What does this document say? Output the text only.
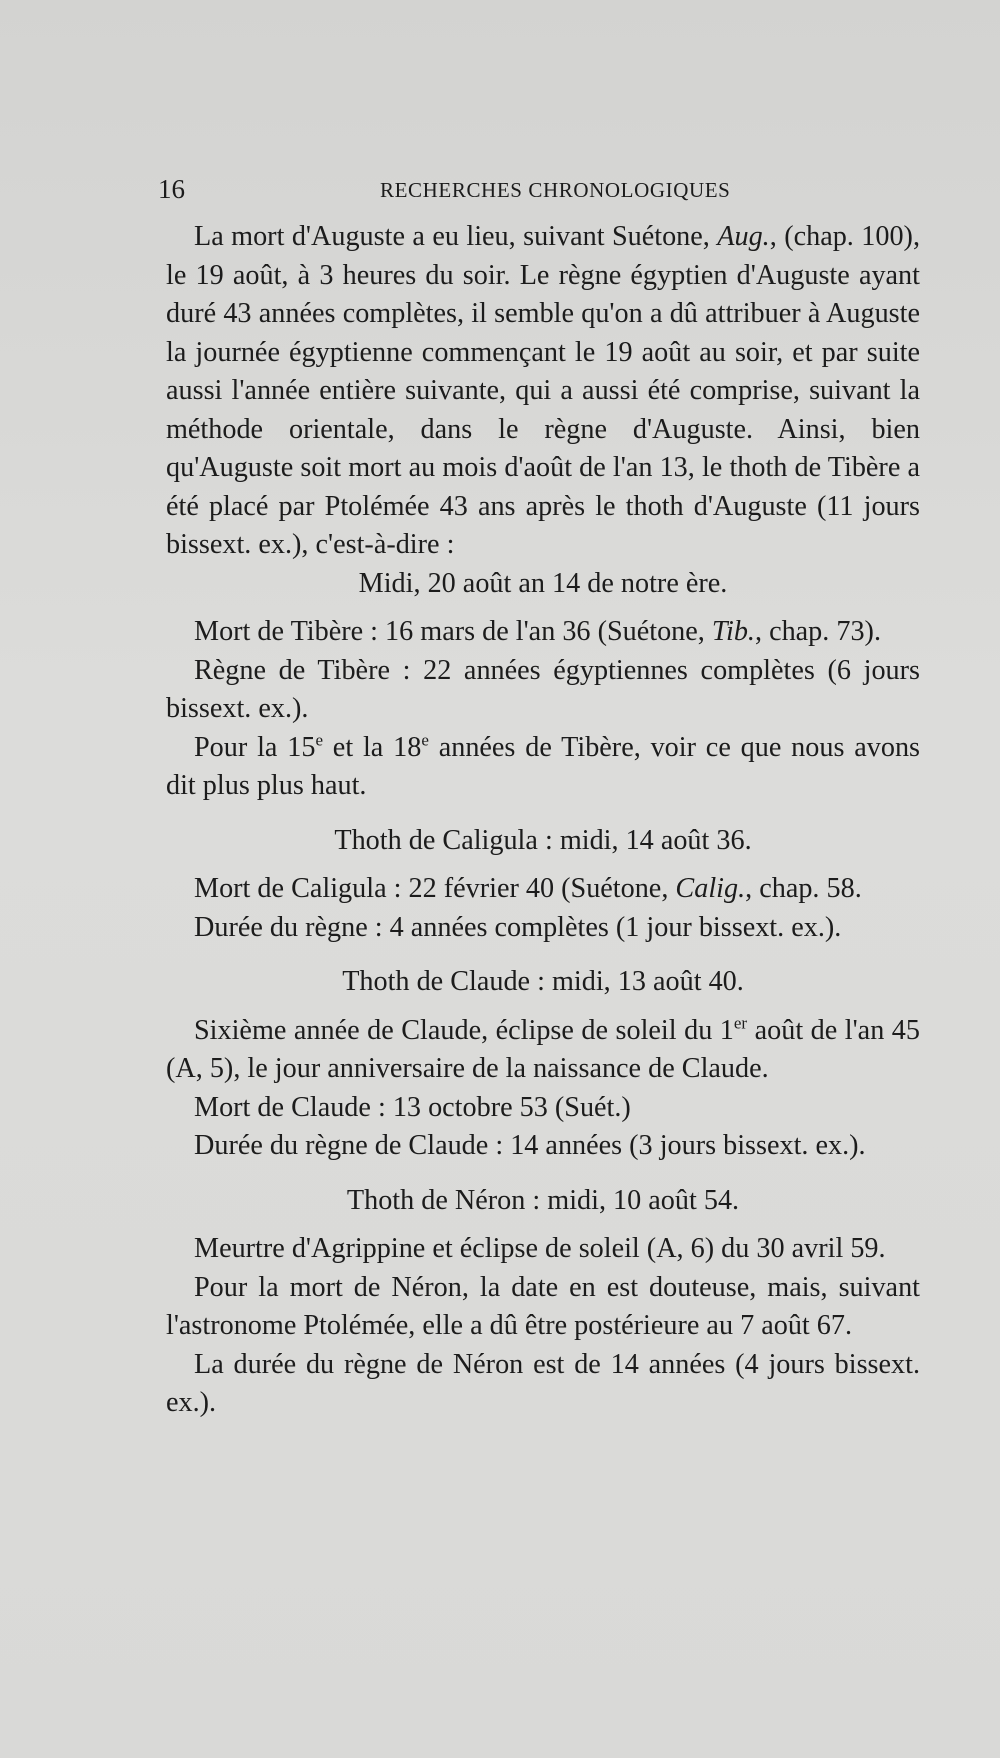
16	RECHERCHES CHRONOLOGIQUES

La mort d'Auguste a eu lieu, suivant Suétone, Aug., (chap. 100), le 19 août, à 3 heures du soir. Le règne égyptien d'Auguste ayant duré 43 années complètes, il semble qu'on a dû attribuer à Auguste la journée égyptienne commençant le 19 août au soir, et par suite aussi l'année entière suivante, qui a aussi été comprise, suivant la méthode orientale, dans le règne d'Auguste. Ainsi, bien qu'Auguste soit mort au mois d'août de l'an 13, le thoth de Tibère a été placé par Ptolémée 43 ans après le thoth d'Auguste (11 jours bissext. ex.), c'est-à-dire :

Midi, 20 août an 14 de notre ère.

Mort de Tibère : 16 mars de l'an 36 (Suétone, Tib., chap. 73).

Règne de Tibère : 22 années égyptiennes complètes (6 jours bissext. ex.).

Pour la 15e et la 18e années de Tibère, voir ce que nous avons dit plus plus haut.

Thoth de Caligula : midi, 14 août 36.

Mort de Caligula : 22 février 40 (Suétone, Calig., chap. 58.

Durée du règne : 4 années complètes (1 jour bissext. ex.).

Thoth de Claude : midi, 13 août 40.

Sixième année de Claude, éclipse de soleil du 1er août de l'an 45 (A, 5), le jour anniversaire de la naissance de Claude.

Mort de Claude : 13 octobre 53 (Suét.)

Durée du règne de Claude : 14 années (3 jours bissext. ex.).

Thoth de Néron : midi, 10 août 54.

Meurtre d'Agrippine et éclipse de soleil (A, 6) du 30 avril 59.

Pour la mort de Néron, la date en est douteuse, mais, suivant l'astronome Ptolémée, elle a dû être postérieure au 7 août 67.

La durée du règne de Néron est de 14 années (4 jours bissext. ex.).
